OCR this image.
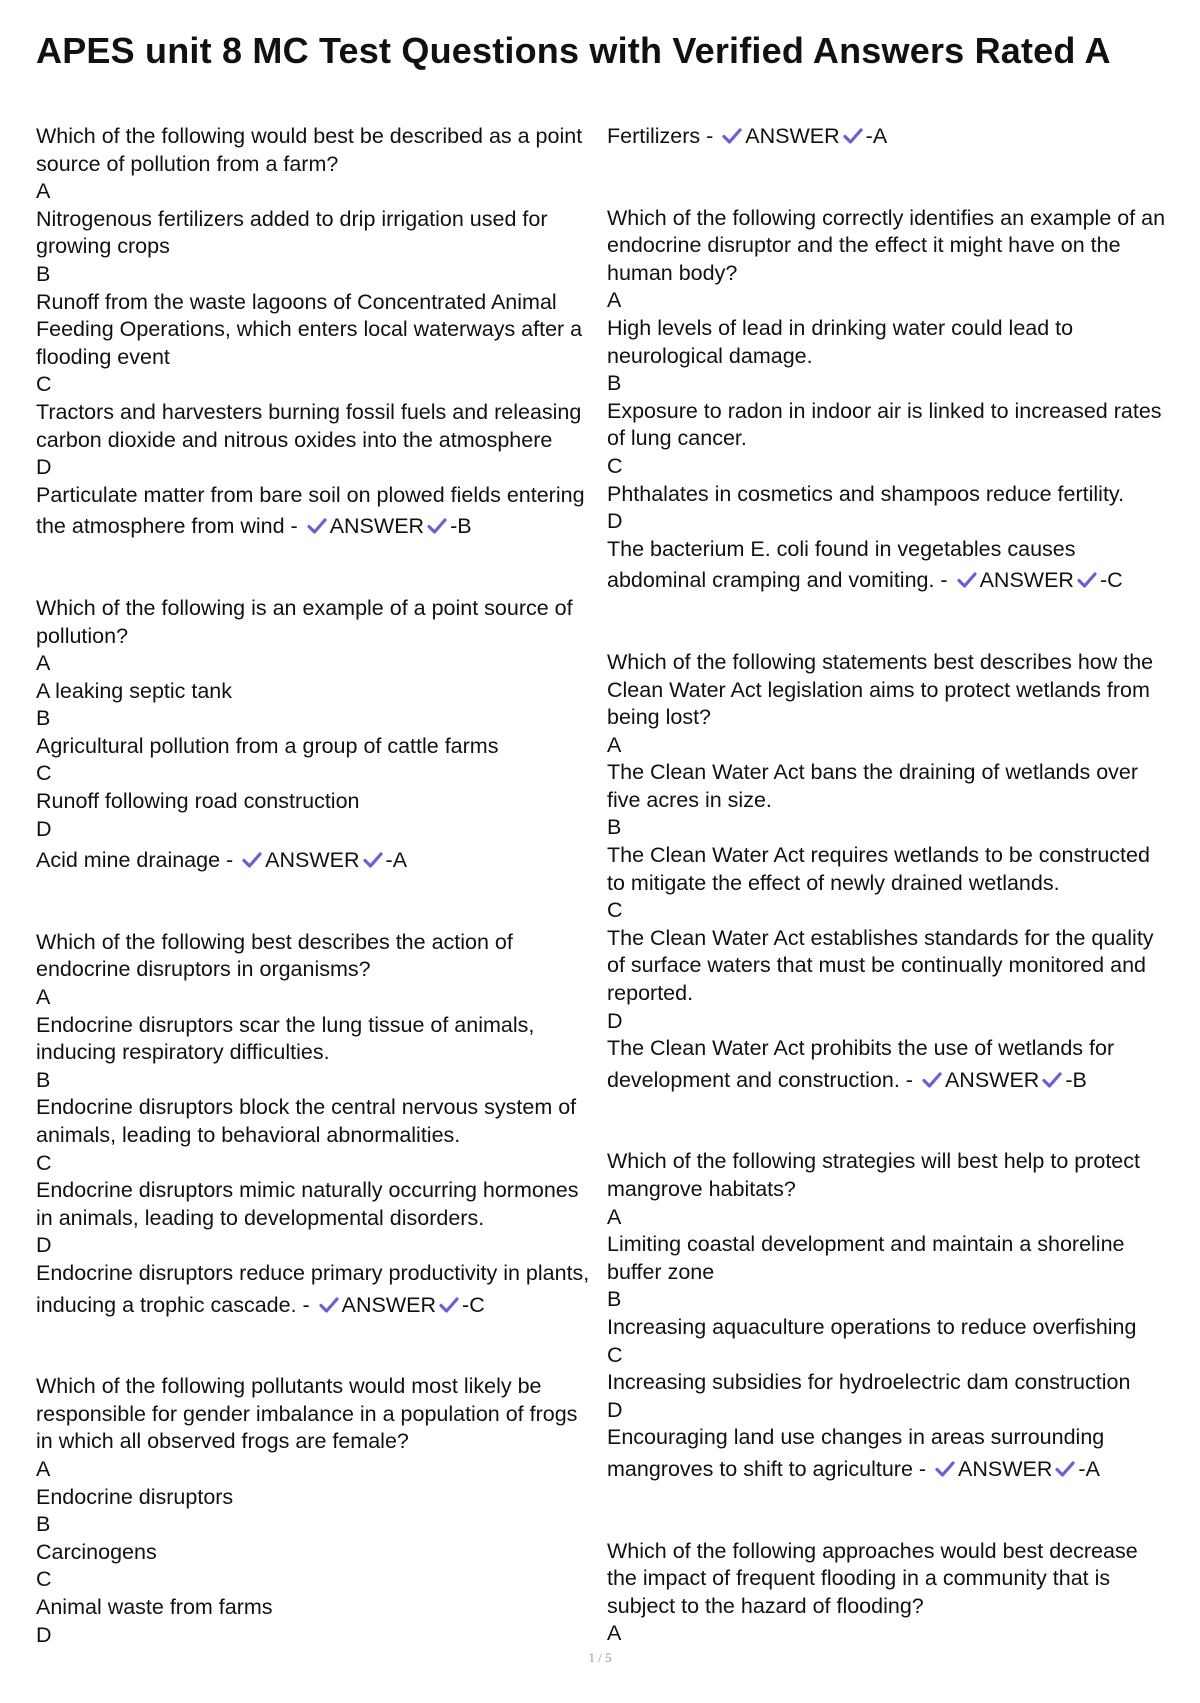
APES unit 8 MC Test Questions with Verified Answers Rated A
Which of the following would best be described as a point
source of pollution from a farm?
A
Nitrogenous fertilizers added to drip irrigation used for
growing crops
B
Runoff from the waste lagoons of Concentrated Animal
Feeding Operations, which enters local waterways after a
flooding event
C
Tractors and harvesters burning fossil fuels and releasing
carbon dioxide and nitrous oxides into the atmosphere
D
Particulate matter from bare soil on plowed fields entering
the atmosphere from wind - ANSWER -B
Which of the following is an example of a point source of
pollution?
A
A leaking septic tank
B
Agricultural pollution from a group of cattle farms
C
Runoff following road construction
D
Acid mine drainage - ANSWER -A
Which of the following best describes the action of
endocrine disruptors in organisms?
A
Endocrine disruptors scar the lung tissue of animals,
inducing respiratory difficulties.
B
Endocrine disruptors block the central nervous system of
animals, leading to behavioral abnormalities.
C
Endocrine disruptors mimic naturally occurring hormones
in animals, leading to developmental disorders.
D
Endocrine disruptors reduce primary productivity in plants,
inducing a trophic cascade. - ANSWER -C
Which of the following pollutants would most likely be
responsible for gender imbalance in a population of frogs
in which all observed frogs are female?
A
Endocrine disruptors
B
Carcinogens
C
Animal waste from farms
D
Fertilizers - ANSWER -A
Which of the following correctly identifies an example of an
endocrine disruptor and the effect it might have on the
human body?
A
High levels of lead in drinking water could lead to
neurological damage.
B
Exposure to radon in indoor air is linked to increased rates
of lung cancer.
C
Phthalates in cosmetics and shampoos reduce fertility.
D
The bacterium E. coli found in vegetables causes
abdominal cramping and vomiting. - ANSWER -C
Which of the following statements best describes how the
Clean Water Act legislation aims to protect wetlands from
being lost?
A
The Clean Water Act bans the draining of wetlands over
five acres in size.
B
The Clean Water Act requires wetlands to be constructed
to mitigate the effect of newly drained wetlands.
C
The Clean Water Act establishes standards for the quality
of surface waters that must be continually monitored and
reported.
D
The Clean Water Act prohibits the use of wetlands for
development and construction. - ANSWER -B
Which of the following strategies will best help to protect
mangrove habitats?
A
Limiting coastal development and maintain a shoreline
buffer zone
B
Increasing aquaculture operations to reduce overfishing
C
Increasing subsidies for hydroelectric dam construction
D
Encouraging land use changes in areas surrounding
mangroves to shift to agriculture - ANSWER -A
Which of the following approaches would best decrease
the impact of frequent flooding in a community that is
subject to the hazard of flooding?
A
1 / 5
